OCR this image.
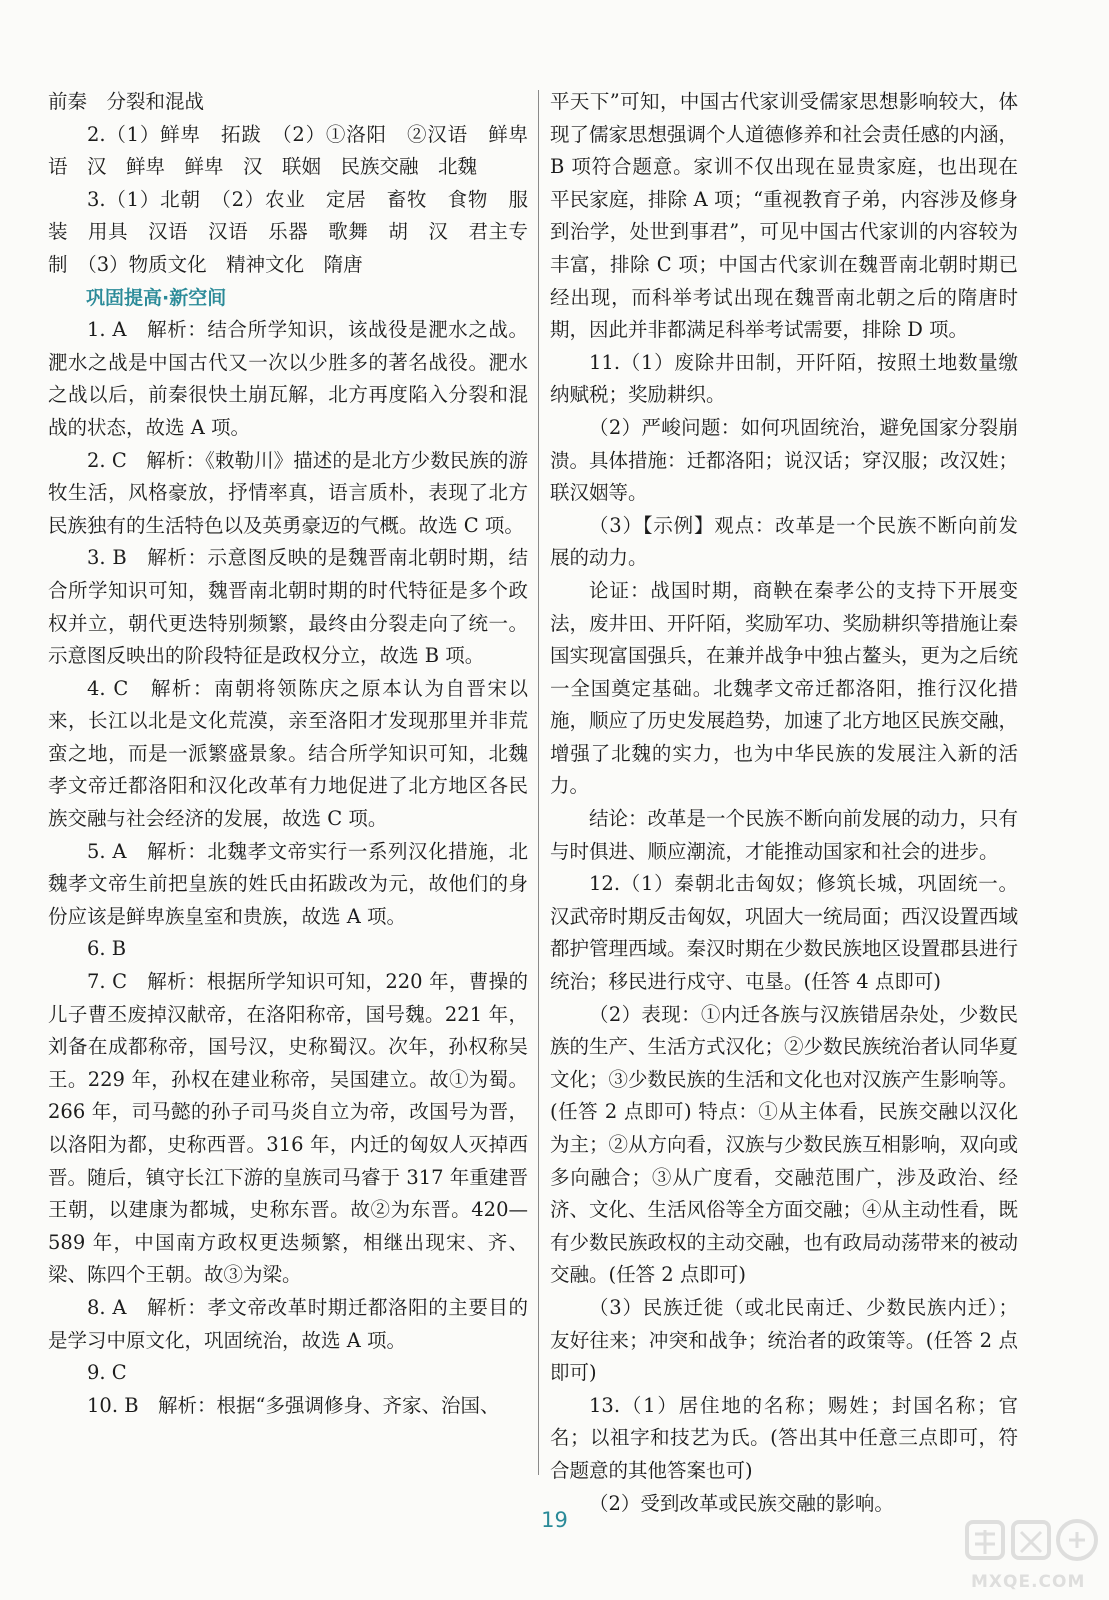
前秦　分裂和混战

2.（1）鲜卑　拓跋　（2）①洛阳　②汉语　鲜卑语　汉　鲜卑　鲜卑　汉　联姻　民族交融　北魏

3.（1）北朝　（2）农业　定居　畜牧　食物　服装　用具　汉语　汉语　乐器　歌舞　胡　汉　君主专制　（3）物质文化　精神文化　隋唐

巩固提高·新空间

1. A　解析：结合所学知识，该战役是淝水之战。淝水之战是中国古代又一次以少胜多的著名战役。淝水之战以后，前秦很快土崩瓦解，北方再度陷入分裂和混战的状态，故选 A 项。

2. C　解析：《敕勒川》描述的是北方少数民族的游牧生活，风格豪放，抒情率真，语言质朴，表现了北方民族独有的生活特色以及英勇豪迈的气概。故选 C 项。

3. B　解析：示意图反映的是魏晋南北朝时期，结合所学知识可知，魏晋南北朝时期的时代特征是多个政权并立，朝代更迭特别频繁，最终由分裂走向了统一。示意图反映出的阶段特征是政权分立，故选 B 项。

4. C　解析：南朝将领陈庆之原本认为自晋宋以来，长江以北是文化荒漠，亲至洛阳才发现那里并非荒蛮之地，而是一派繁盛景象。结合所学知识可知，北魏孝文帝迁都洛阳和汉化改革有力地促进了北方地区各民族交融与社会经济的发展，故选 C 项。

5. A　解析：北魏孝文帝实行一系列汉化措施，北魏孝文帝生前把皇族的姓氏由拓跋改为元，故他们的身份应该是鲜卑族皇室和贵族，故选 A 项。

6. B

7. C　解析：根据所学知识可知，220 年，曹操的儿子曹丕废掉汉献帝，在洛阳称帝，国号魏。221 年，刘备在成都称帝，国号汉，史称蜀汉。次年，孙权称吴王。229 年，孙权在建业称帝，吴国建立。故①为蜀。266 年，司马懿的孙子司马炎自立为帝，改国号为晋，以洛阳为都，史称西晋。316 年，内迁的匈奴人灭掉西晋。随后，镇守长江下游的皇族司马睿于 317 年重建晋王朝，以建康为都城，史称东晋。故②为东晋。420—589 年，中国南方政权更迭频繁，相继出现宋、齐、梁、陈四个王朝。故③为梁。

8. A　解析：孝文帝改革时期迁都洛阳的主要目的是学习中原文化，巩固统治，故选 A 项。

9. C

10. B　解析：根据“多强调修身、齐家、治国、

平天下”可知，中国古代家训受儒家思想影响较大，体现了儒家思想强调个人道德修养和社会责任感的内涵，B 项符合题意。家训不仅出现在显贵家庭，也出现在平民家庭，排除 A 项；“重视教育子弟，内容涉及修身到治学，处世到事君”，可见中国古代家训的内容较为丰富，排除 C 项；中国古代家训在魏晋南北朝时期已经出现，而科举考试出现在魏晋南北朝之后的隋唐时期，因此并非都满足科举考试需要，排除 D 项。

11.（1）废除井田制，开阡陌，按照土地数量缴纳赋税；奖励耕织。

（2）严峻问题：如何巩固统治，避免国家分裂崩溃。具体措施：迁都洛阳；说汉话；穿汉服；改汉姓；联汉姻等。

（3）【示例】观点：改革是一个民族不断向前发展的动力。

论证：战国时期，商鞅在秦孝公的支持下开展变法，废井田、开阡陌，奖励军功、奖励耕织等措施让秦国实现富国强兵，在兼并战争中独占鳌头，更为之后统一全国奠定基础。北魏孝文帝迁都洛阳，推行汉化措施，顺应了历史发展趋势，加速了北方地区民族交融，增强了北魏的实力，也为中华民族的发展注入新的活力。

结论：改革是一个民族不断向前发展的动力，只有与时俱进、顺应潮流，才能推动国家和社会的进步。

12.（1）秦朝北击匈奴；修筑长城，巩固统一。汉武帝时期反击匈奴，巩固大一统局面；西汉设置西域都护管理西域。秦汉时期在少数民族地区设置郡县进行统治；移民进行戍守、屯垦。(任答 4 点即可)

（2）表现：①内迁各族与汉族错居杂处，少数民族的生产、生活方式汉化；②少数民族统治者认同华夏文化；③少数民族的生活和文化也对汉族产生影响等。(任答 2 点即可) 特点：①从主体看，民族交融以汉化为主；②从方向看，汉族与少数民族互相影响，双向或多向融合；③从广度看，交融范围广，涉及政治、经济、文化、生活风俗等全方面交融；④从主动性看，既有少数民族政权的主动交融，也有政局动荡带来的被动交融。(任答 2 点即可)

（3）民族迁徙（或北民南迁、少数民族内迁）；友好往来；冲突和战争；统治者的政策等。(任答 2 点即可)

13.（1）居住地的名称；赐姓；封国名称；官名；以祖字和技艺为氏。(答出其中任意三点即可，符合题意的其他答案也可)

（2）受到改革或民族交融的影响。

19
MXQE.COM
